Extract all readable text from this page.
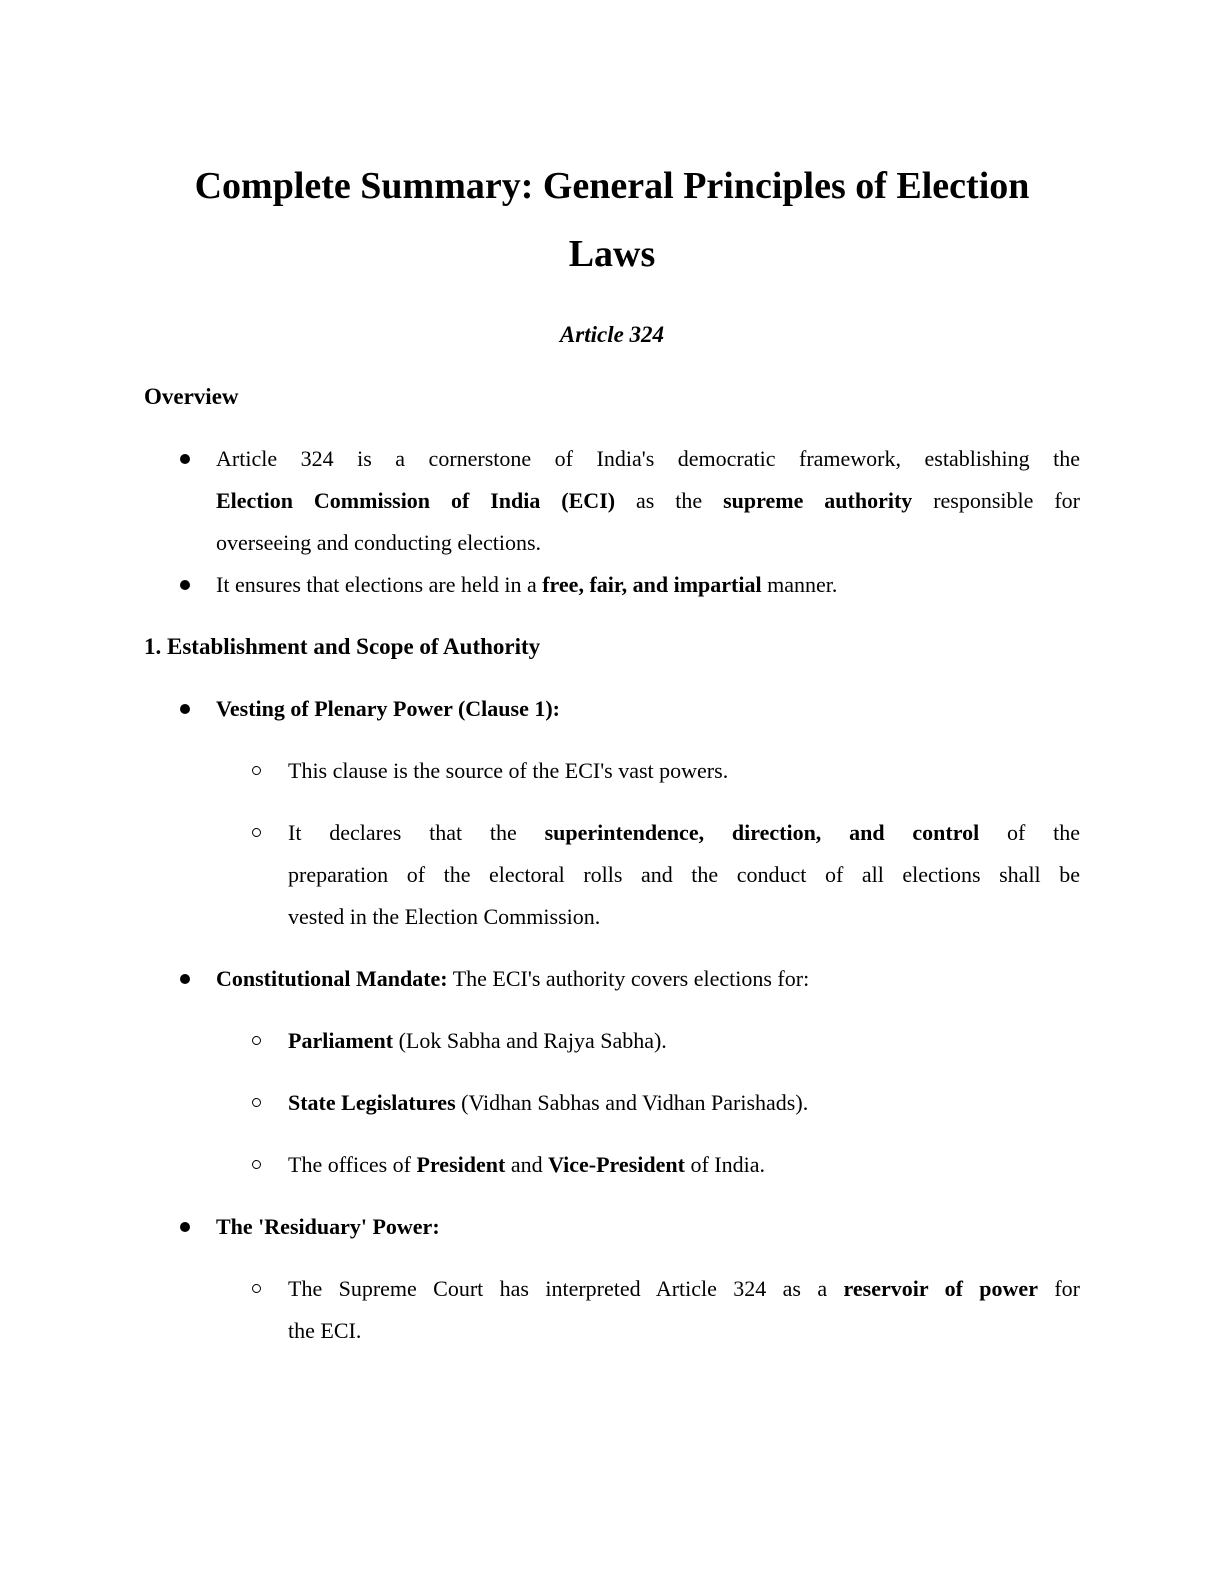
Complete Summary: General Principles of Election
Laws

Article 324

Overview
Article 324 is a cornerstone of India's democratic framework, establishing the
Election Commission of India (ECI) as the supreme authority responsible for
overseeing and conducting elections.
It ensures that elections are held in a free, fair, and impartial manner.
1. Establishment and Scope of Authority
Vesting of Plenary Power (Clause 1):
This clause is the source of the ECI's vast powers.
It declares that the superintendence, direction, and control of the
preparation of the electoral rolls and the conduct of all elections shall be
vested in the Election Commission.
Constitutional Mandate: The ECI's authority covers elections for:
Parliament (Lok Sabha and Rajya Sabha).
State Legislatures (Vidhan Sabhas and Vidhan Parishads).
The offices of President and Vice-President of India.
The 'Residuary' Power:
The Supreme Court has interpreted Article 324 as a reservoir of power for
the ECI.
